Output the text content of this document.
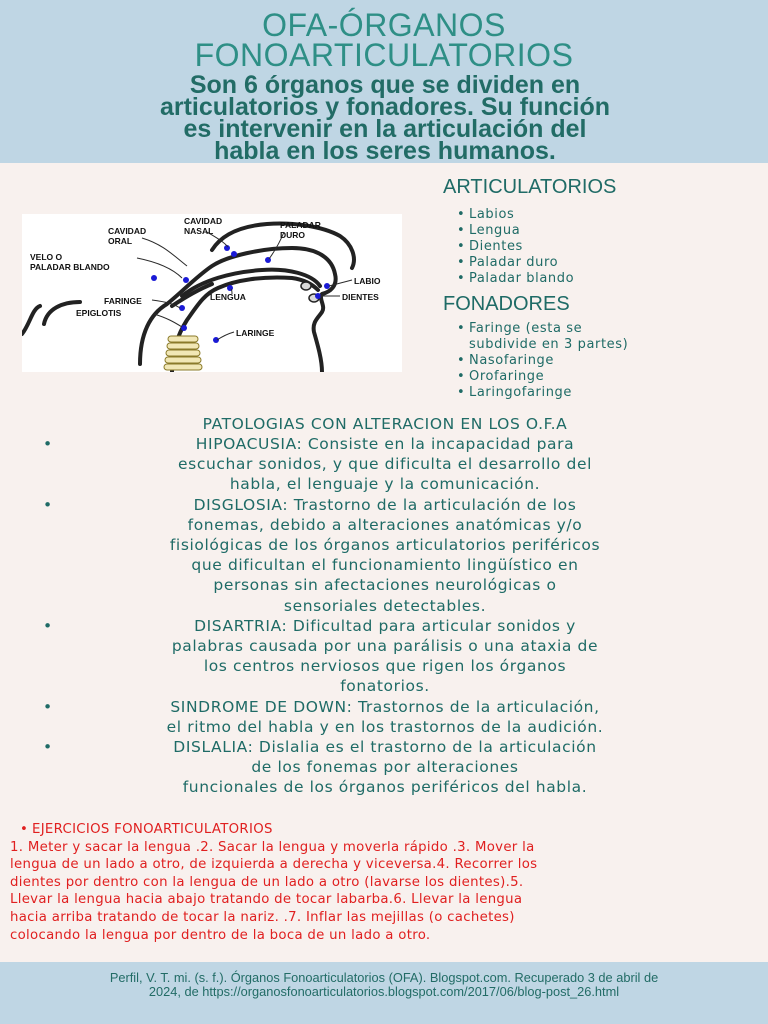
OFA-ÓRGANOS
FONOARTICULATORIOS
Son 6 órganos que se dividen en
articulatorios y fonadores. Su función
es intervenir en la articulación del
habla en los seres humanos.
CAVIDAD
ORAL
CAVIDAD
NASAL
PALADAR
DURO
VELO O
PALADAR BLANDO
LABIO
LENGUA	DIENTES
FARINGE
EPIGLOTIS
LARINGE
ARTICULATORIOS
• Labios
• Lengua
• Dientes
• Paladar duro
• Paladar blando
FONADORES
• Faringe (esta se
subdivide en 3 partes)
• Nasofaringe
• Orofaringe
• Laringofaringe
PATOLOGIAS CON ALTERACION EN LOS O.F.A
•	HIPOACUSIA: Consiste en la incapacidad para
escuchar sonidos, y que dificulta el desarrollo del
habla, el lenguaje y la comunicación.
•	DISGLOSIA: Trastorno de la articulación de los
fonemas, debido a alteraciones anatómicas y/o
fisiológicas de los órganos articulatorios periféricos
que dificultan el funcionamiento lingüístico en
personas sin afectaciones neurológicas o
sensoriales detectables.
•	DISARTRIA: Dificultad para articular sonidos y
palabras causada por una parálisis o una ataxia de
los centros nerviosos que rigen los órganos
fonatorios.
•	SINDROME DE DOWN: Trastornos de la articulación,
el ritmo del habla y en los trastornos de la audición.
•	DISLALIA: Dislalia es el trastorno de la articulación
de los fonemas por alteraciones
funcionales de los órganos periféricos del habla.
• EJERCICIOS FONOARTICULATORIOS
1. Meter y sacar la lengua .2. Sacar la lengua y moverla rápido .3. Mover la
lengua de un lado a otro, de izquierda a derecha y viceversa.4. Recorrer los
dientes por dentro con la lengua de un lado a otro (lavarse los dientes).5.
Llevar la lengua hacia abajo tratando de tocar labarba.6. Llevar la lengua
hacia arriba tratando de tocar la nariz. .7. Inflar las mejillas (o cachetes)
colocando la lengua por dentro de la boca de un lado a otro.
Perfil, V. T. mi. (s. f.). Órganos Fonoarticulatorios (OFA). Blogspot.com. Recuperado 3 de abril de
2024, de https://organosfonoarticulatorios.blogspot.com/2017/06/blog-post_26.html
